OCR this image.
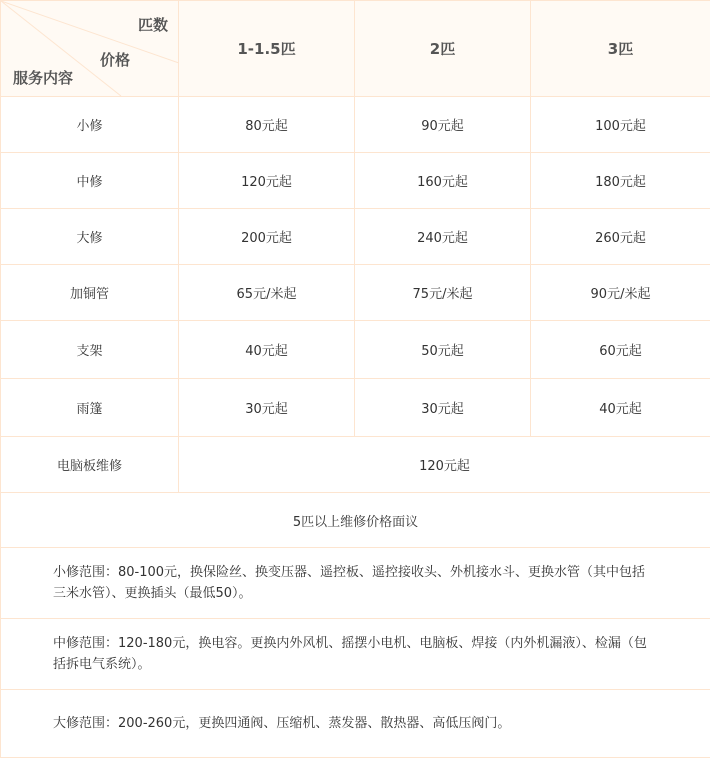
匹数
价格
服务内容	1-1.5匹	2匹	3匹
小修	80元起	90元起	100元起
中修	120元起	160元起	180元起
大修	200元起	240元起	260元起
加铜管	65元/米起	75元/米起	90元/米起
支架	40元起	50元起	60元起
雨篷	30元起	30元起	40元起
电脑板维修	120元起		
5匹以上维修价格面议			
小修范围：80-100元，换保险丝、换变压器、遥控板、遥控接收头、外机接水斗、更换水管（其中包括三米水管）、更换插头（最低50）。			
中修范围：120-180元，换电容。更换内外风机、摇摆小电机、电脑板、焊接（内外机漏液）、检漏（包括拆电气系统）。			
大修范围：200-260元，更换四通阀、压缩机、蒸发器、散热器、高低压阀门。			
